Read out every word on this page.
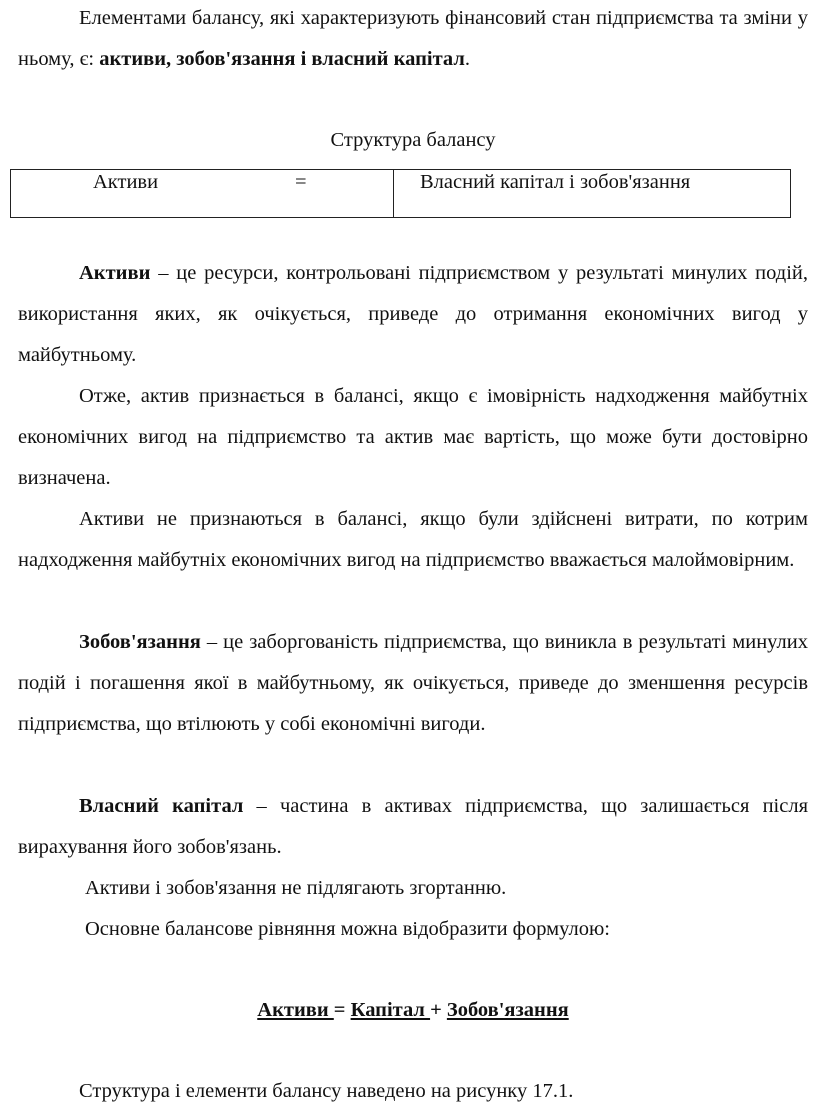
Елементами балансу, які характеризують фінансовий стан підприємства та зміни у ньому, є: активи, зобов'язання і власний капітал.

Структура балансу

Активи	=	Власний капітал і зобов'язання

Активи – це ресурси, контрольовані підприємством у результаті минулих подій, використання яких, як очікується, приведе до отримання економічних вигод у майбутньому.

Отже, актив признається в балансі, якщо є імовірність надходження майбутніх економічних вигод на підприємство та актив має вартість, що може бути достовірно визначена.

Активи не признаються в балансі, якщо були здійснені витрати, по котрим надходження майбутніх економічних вигод на підприємство вважається малоймовірним.

Зобов'язання – це заборгованість підприємства, що виникла в результаті минулих подій і погашення якої в майбутньому, як очікується, приведе до зменшення ресурсів підприємства, що втілюють у собі економічні вигоди.

Власний капітал – частина в активах підприємства, що залишається після вирахування його зобов'язань.

Активи і зобов'язання не підлягають згортанню.

Основне балансове рівняння можна відобразити формулою:

Активи = Капітал + Зобов'язання

Структура і елементи балансу наведено на рисунку 17.1.
